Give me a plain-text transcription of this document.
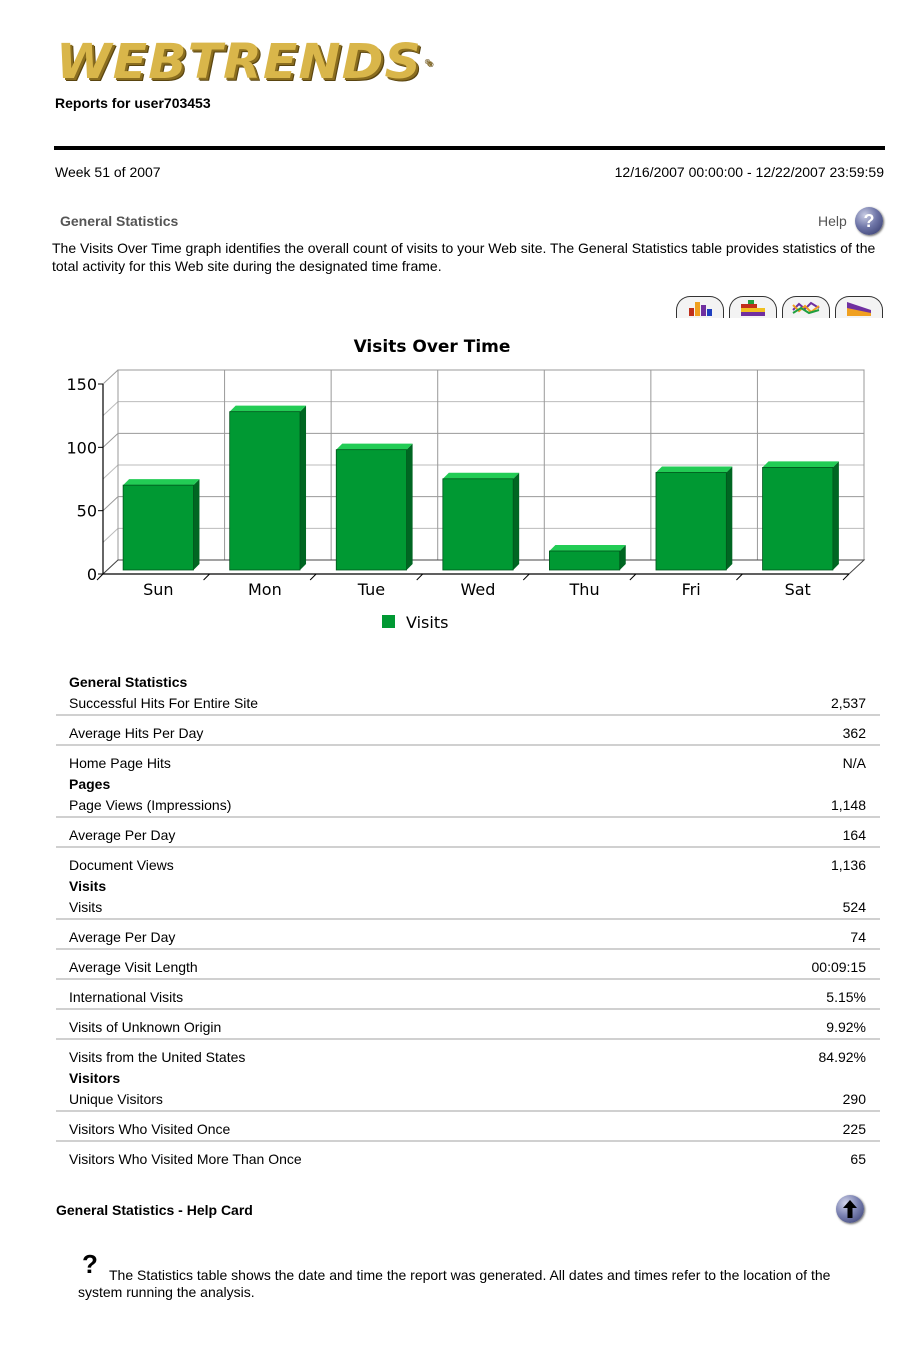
WEBTRENDS ®
Reports for user703453
Week 51 of 2007	12/16/2007 00:00:00 - 12/22/2007 23:59:59
General Statistics	Help ?
The Visits Over Time graph identifies the overall count of visits to your Web site. The General Statistics table provides statistics of the total activity for this Web site during the designated time frame.
Visits Over Time
0
50
100
150
Sun	Mon	Tue	Wed	Thu	Fri	Sat
Visits
General Statistics
Successful Hits For Entire Site	2,537
Average Hits Per Day	362
Home Page Hits	N/A
Pages
Page Views (Impressions)	1,148
Average Per Day	164
Document Views	1,136
Visits
Visits	524
Average Per Day	74
Average Visit Length	00:09:15
International Visits	5.15%
Visits of Unknown Origin	9.92%
Visits from the United States	84.92%
Visitors
Unique Visitors	290
Visitors Who Visited Once	225
Visitors Who Visited More Than Once	65
General Statistics - Help Card
? The Statistics table shows the date and time the report was generated. All dates and times refer to the location of the system running the analysis.
